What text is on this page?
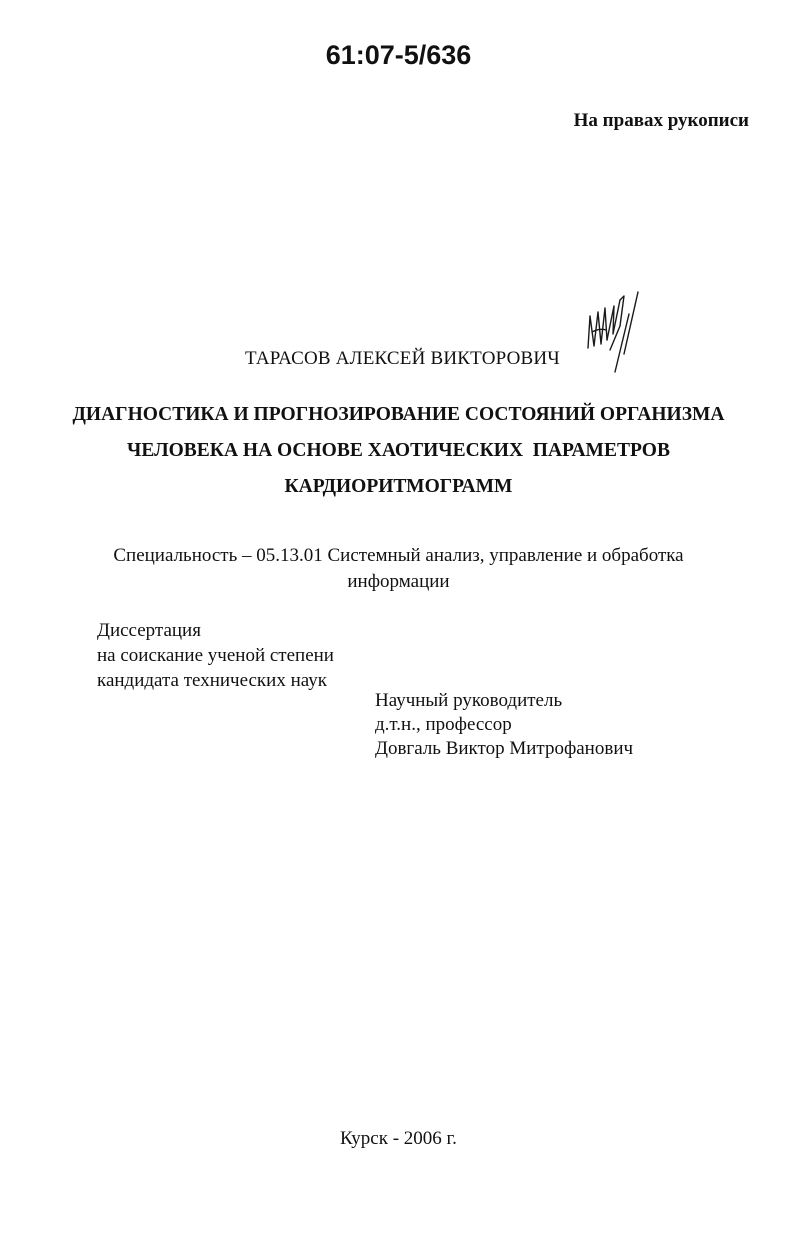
61:07-5/636
На правах рукописи
ТАРАСОВ АЛЕКСЕЙ ВИКТОРОВИЧ
ДИАГНОСТИКА И ПРОГНОЗИРОВАНИЕ СОСТОЯНИЙ ОРГАНИЗМА
ЧЕЛОВЕКА НА ОСНОВЕ ХАОТИЧЕСКИХ  ПАРАМЕТРОВ
КАРДИОРИТМОГРАММ
Специальность – 05.13.01 Системный анализ, управление и обработка
информации
Диссертация
на соискание ученой степени
кандидата технических наук
Научный руководитель
д.т.н., профессор
Довгаль Виктор Митрофанович
Курск - 2006 г.
